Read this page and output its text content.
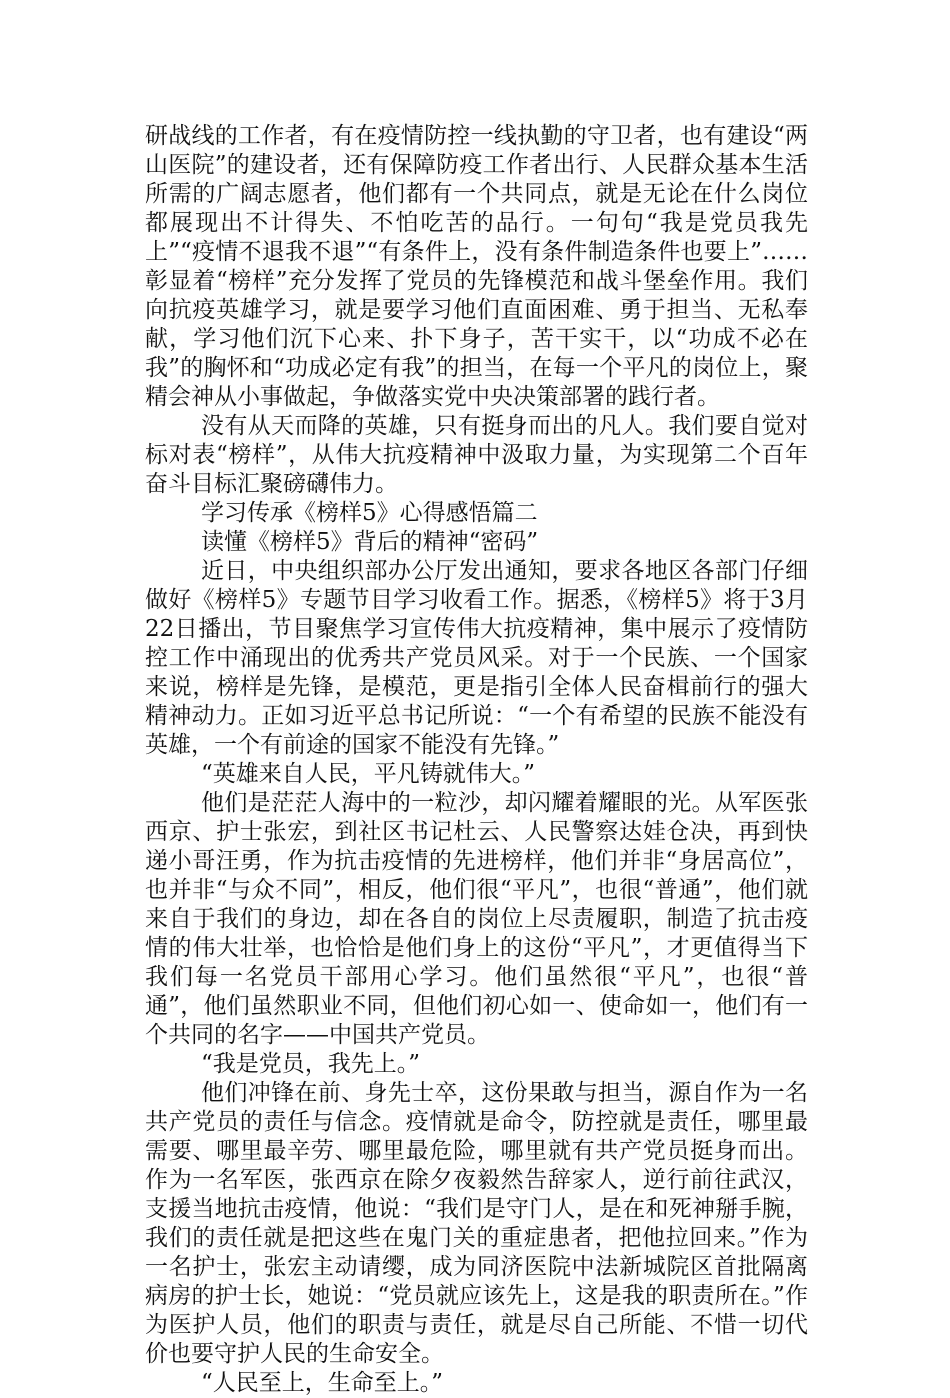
研战线的工作者，有在疫情防控一线执勤的守卫者，也有建设“两山医院”的建设者，还有保障防疫工作者出行、人民群众基本生活所需的广阔志愿者，他们都有一个共同点，就是无论在什么岗位都展现出不计得失、不怕吃苦的品行。一句句“我是党员我先上”“疫情不退我不退”“有条件上，没有条件制造条件也要上”……彰显着“榜样”充分发挥了党员的先锋模范和战斗堡垒作用。我们向抗疫英雄学习，就是要学习他们直面困难、勇于担当、无私奉献，学习他们沉下心来、扑下身子，苦干实干，以“功成不必在我”的胸怀和“功成必定有我”的担当，在每一个平凡的岗位上，聚精会神从小事做起，争做落实党中央决策部署的践行者。

没有从天而降的英雄，只有挺身而出的凡人。我们要自觉对标对表“榜样”，从伟大抗疫精神中汲取力量，为实现第二个百年奋斗目标汇聚磅礴伟力。

学习传承《榜样5》心得感悟篇二

读懂《榜样5》背后的精神“密码”

近日，中央组织部办公厅发出通知，要求各地区各部门仔细做好《榜样5》专题节目学习收看工作。据悉，《榜样5》将于3月22日播出，节目聚焦学习宣传伟大抗疫精神，集中展示了疫情防控工作中涌现出的优秀共产党员风采。对于一个民族、一个国家来说，榜样是先锋，是模范，更是指引全体人民奋楫前行的强大精神动力。正如习近平总书记所说：“一个有希望的民族不能没有英雄，一个有前途的国家不能没有先锋。”

“英雄来自人民，平凡铸就伟大。”

他们是茫茫人海中的一粒沙，却闪耀着耀眼的光。从军医张西京、护士张宏，到社区书记杜云、人民警察达娃仓决，再到快递小哥汪勇，作为抗击疫情的先进榜样，他们并非“身居高位”，也并非“与众不同”，相反，他们很“平凡”，也很“普通”，他们就来自于我们的身边，却在各自的岗位上尽责履职，制造了抗击疫情的伟大壮举，也恰恰是他们身上的这份“平凡”，才更值得当下我们每一名党员干部用心学习。他们虽然很“平凡”，也很“普通”，他们虽然职业不同，但他们初心如一、使命如一，他们有一个共同的名字——中国共产党员。

“我是党员，我先上。”

他们冲锋在前、身先士卒，这份果敢与担当，源自作为一名共产党员的责任与信念。疫情就是命令，防控就是责任，哪里最需要、哪里最辛劳、哪里最危险，哪里就有共产党员挺身而出。作为一名军医，张西京在除夕夜毅然告辞家人，逆行前往武汉，支援当地抗击疫情，他说：“我们是守门人，是在和死神掰手腕，我们的责任就是把这些在鬼门关的重症患者，把他拉回来。”作为一名护士，张宏主动请缨，成为同济医院中法新城院区首批隔离病房的护士长，她说：“党员就应该先上，这是我的职责所在。”作为医护人员，他们的职责与责任，就是尽自己所能、不惜一切代价也要守护人民的生命安全。

“人民至上，生命至上。”
